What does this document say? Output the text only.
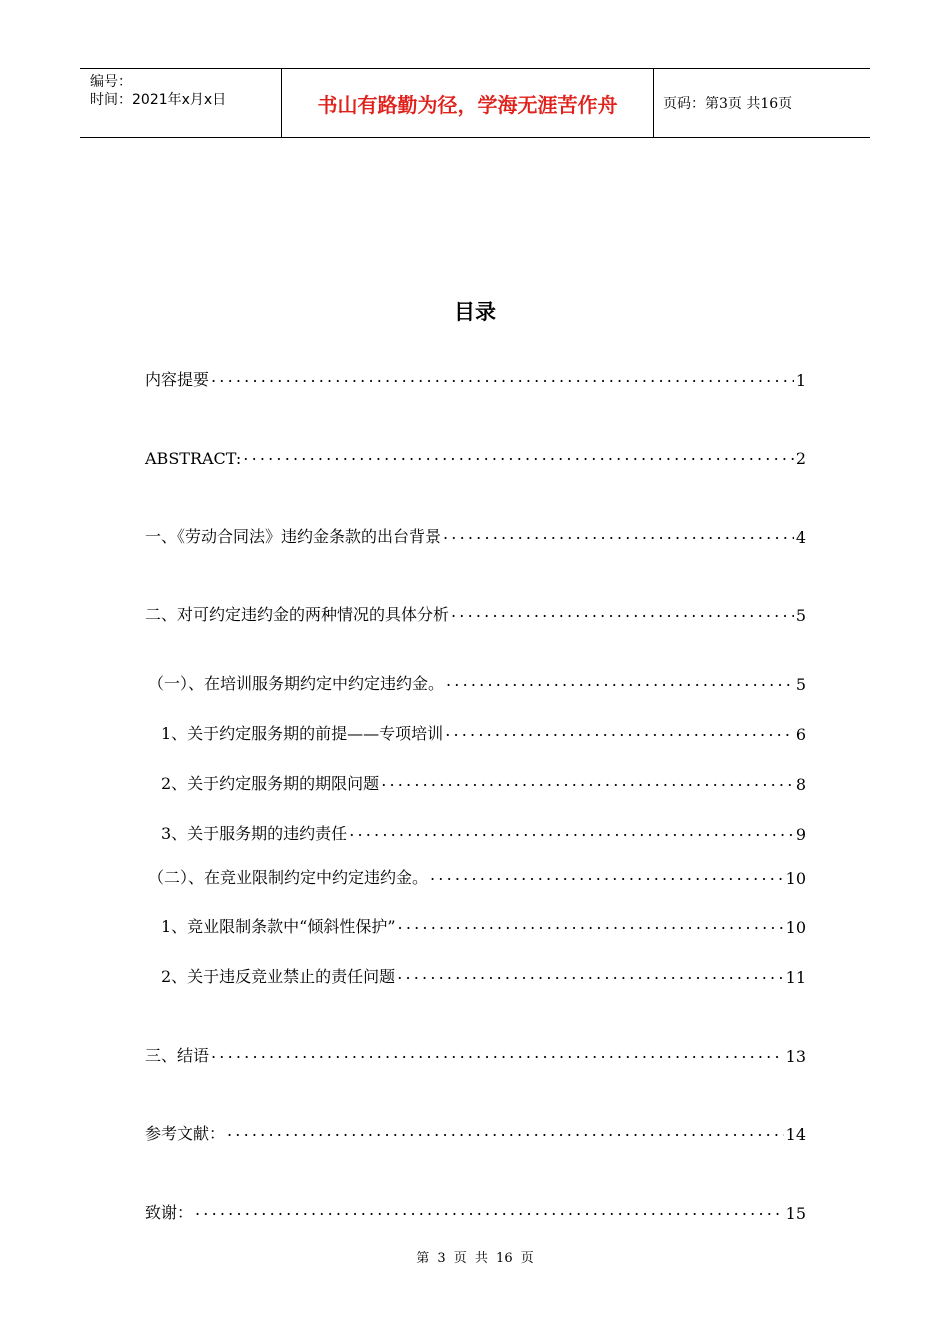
编号：
时间：2021年x月x日	书山有路勤为径，学海无涯苦作舟	页码：第3页 共16页
目录
内容提要 .....	1
ABSTRACT: .....	2
一、《劳动合同法》违约金条款的出台背景 .....	4
二、对可约定违约金的两种情况的具体分析 .....	5
（一）、在培训服务期约定中约定违约金。 .....	5
1、关于约定服务期的前提——专项培训 .....	6
2、关于约定服务期的期限问题 .....	8
3、关于服务期的违约责任 .....	9
（二）、在竞业限制约定中约定违约金。 .....	10
1、竞业限制条款中“倾斜性保护” .....	10
2、关于违反竞业禁止的责任问题 .....	11
三、结语 .....	13
参考文献： .....	14
致谢： .....	15
第 3 页 共 16 页
